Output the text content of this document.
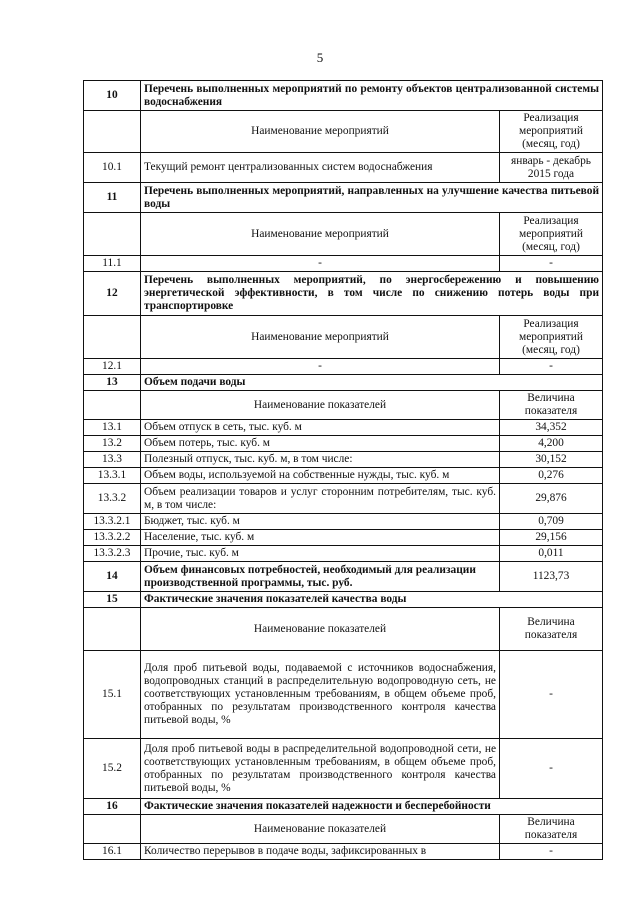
5
10	Перечень выполненных мероприятий по ремонту объектов централизованной системы водоснабжения	
	Наименование мероприятий	Реализация мероприятий (месяц, год)
10.1	Текущий ремонт централизованных систем водоснабжения	январь - декабрь 2015 года
11	Перечень выполненных мероприятий, направленных на улучшение качества питьевой воды	
	Наименование мероприятий	Реализация мероприятий (месяц, год)
11.1	-	-
12	Перечень выполненных мероприятий, по энергосбережению и повышению энергетической эффективности, в том числе по снижению потерь воды при транспортировке	
	Наименование мероприятий	Реализация мероприятий (месяц, год)
12.1	-	-
13	Объем подачи воды	
	Наименование показателей	Величина показателя
13.1	Объем отпуск в сеть, тыс. куб. м	34,352
13.2	Объем потерь, тыс. куб. м	4,200
13.3	Полезный отпуск, тыс. куб. м, в том числе:	30,152
13.3.1	Объем воды, используемой на собственные нужды, тыс. куб. м	0,276
13.3.2	Объем реализации товаров и услуг сторонним потребителям, тыс. куб. м, в том числе:	29,876
13.3.2.1	Бюджет, тыс. куб. м	0,709
13.3.2.2	Население, тыс. куб. м	29,156
13.3.2.3	Прочие, тыс. куб. м	0,011
14	Объем финансовых потребностей, необходимый для реализации производственной программы, тыс. руб.	1123,73
15	Фактические значения показателей качества воды	
	Наименование показателей	Величина показателя
15.1	Доля проб питьевой воды, подаваемой с источников водоснабжения, водопроводных станций в распределительную водопроводную сеть, не соответствующих установленным требованиям, в общем объеме проб, отобранных по результатам производственного контроля качества питьевой воды, %	-
15.2	Доля проб питьевой воды в распределительной водопроводной сети, не соответствующих установленным требованиям, в общем объеме проб, отобранных по результатам производственного контроля качества питьевой воды, %	-
16	Фактические значения показателей надежности и бесперебойности	
	Наименование показателей	Величина показателя
16.1	Количество перерывов в подаче воды, зафиксированных в	-
